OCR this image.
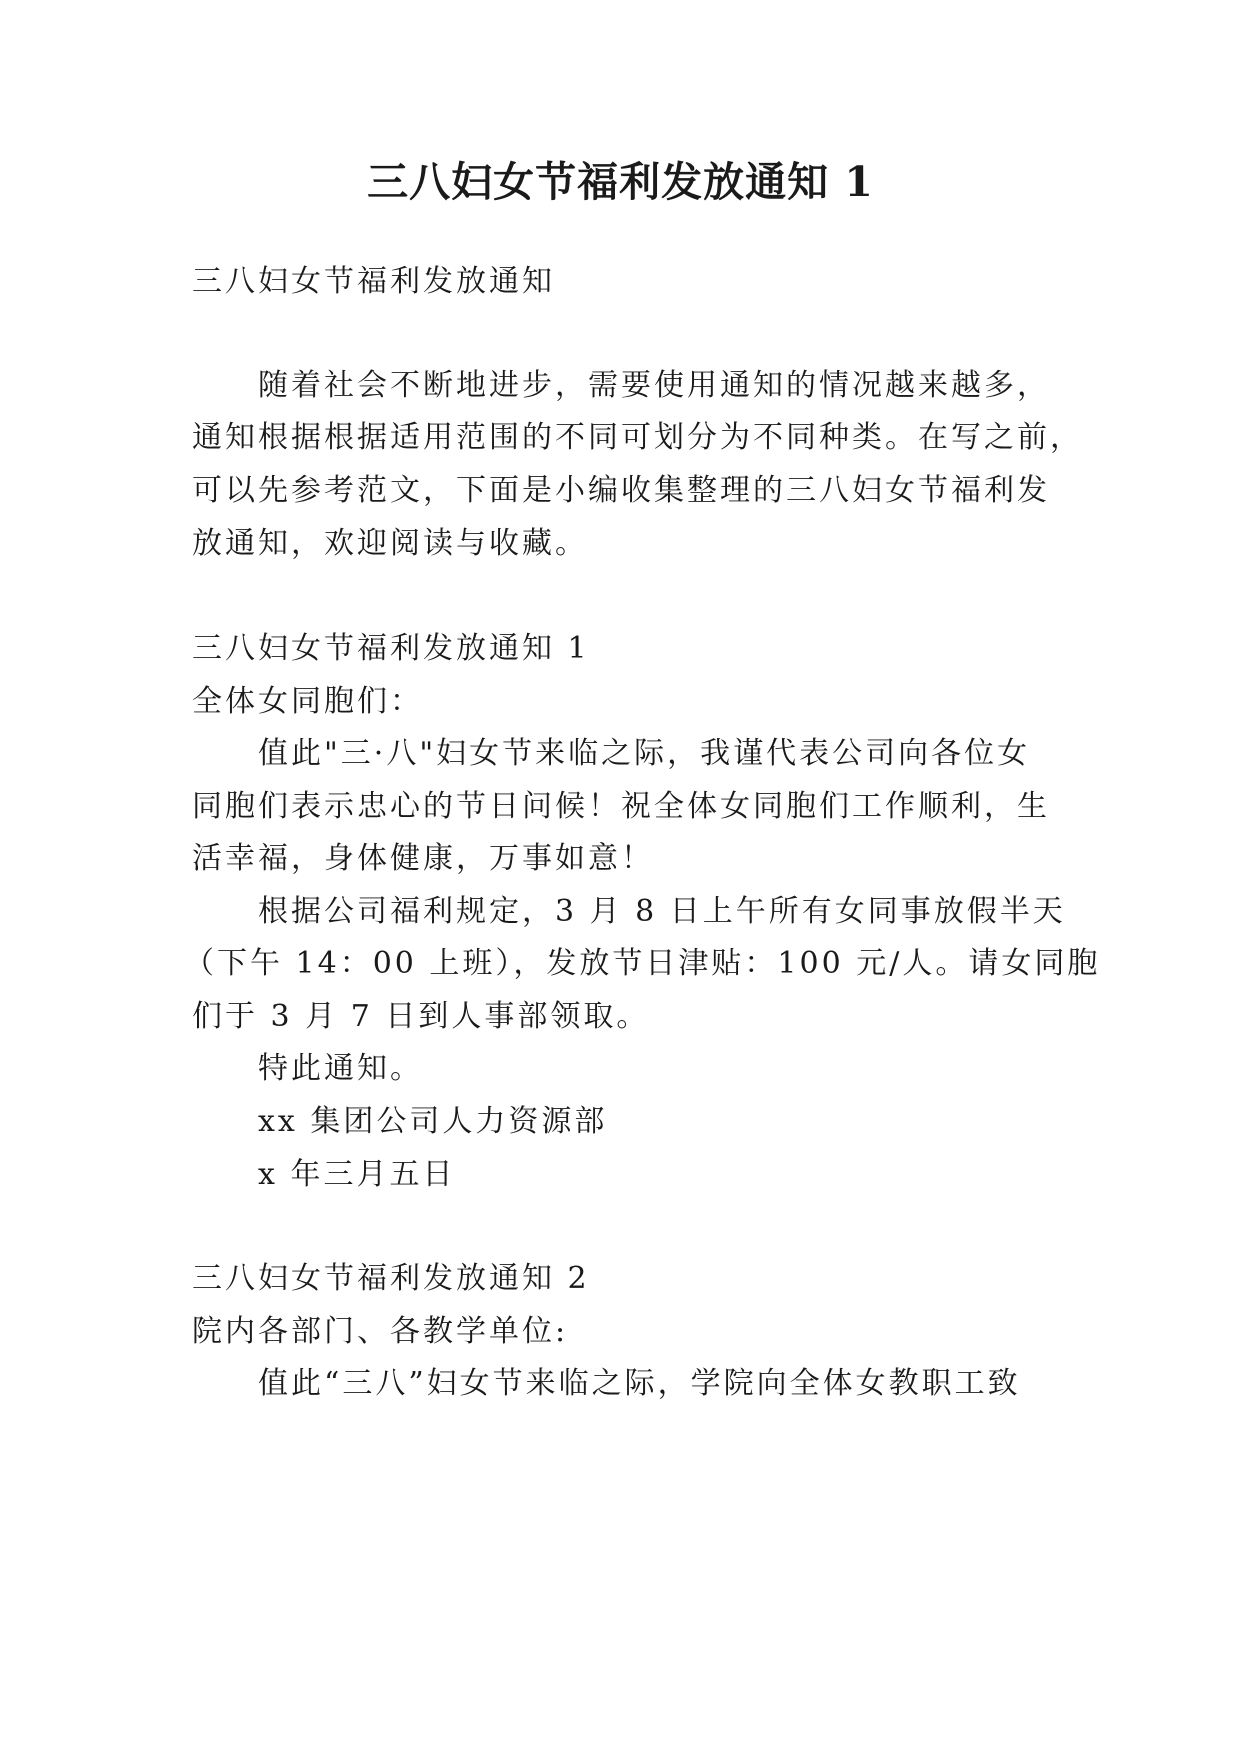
三八妇女节福利发放通知 1
三八妇女节福利发放通知
随着社会不断地进步，需要使用通知的情况越来越多，
通知根据根据适用范围的不同可划分为不同种类。在写之前，
可以先参考范文，下面是小编收集整理的三八妇女节福利发
放通知，欢迎阅读与收藏。
三八妇女节福利发放通知 1
全体女同胞们：
值此"三·八"妇女节来临之际，我谨代表公司向各位女
同胞们表示忠心的节日问候！祝全体女同胞们工作顺利，生
活幸福，身体健康，万事如意！
根据公司福利规定，3 月 8 日上午所有女同事放假半天
（下午 14：00 上班），发放节日津贴：100 元/人。请女同胞
们于 3 月 7 日到人事部领取。
特此通知。
xx 集团公司人力资源部
x 年三月五日
三八妇女节福利发放通知 2
院内各部门、各教学单位:
值此“三八”妇女节来临之际，学院向全体女教职工致
